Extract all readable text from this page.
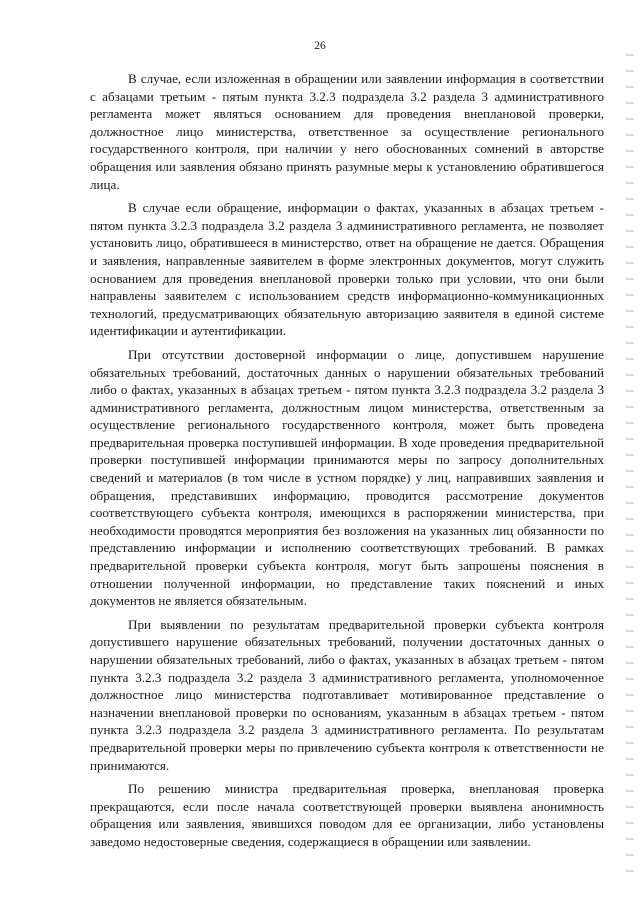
26

В случае, если изложенная в обращении или заявлении информация в соответствии с абзацами третьим - пятым пункта 3.2.3 подраздела 3.2 раздела 3 административного регламента может являться основанием для проведения внеплановой проверки, должностное лицо министерства, ответственное за осуществление регионального государственного контроля, при наличии у него обоснованных сомнений в авторстве обращения или заявления обязано принять разумные меры к установлению обратившегося лица.

В случае если обращение, информации о фактах, указанных в абзацах третьем - пятом пункта 3.2.3 подраздела 3.2 раздела 3 административного регламента, не позволяет установить лицо, обратившееся в министерство, ответ на обращение не дается. Обращения и заявления, направленные заявителем в форме электронных документов, могут служить основанием для проведения внеплановой проверки только при условии, что они были направлены заявителем с использованием средств информационно-коммуникационных технологий, предусматривающих обязательную авторизацию заявителя в единой системе идентификации и аутентификации.

При отсутствии достоверной информации о лице, допустившем нарушение обязательных требований, достаточных данных о нарушении обязательных требований либо о фактах, указанных в абзацах третьем - пятом пункта 3.2.3 подраздела 3.2 раздела 3 административного регламента, должностным лицом министерства, ответственным за осуществление регионального государственного контроля, может быть проведена предварительная проверка поступившей информации. В ходе проведения предварительной проверки поступившей информации принимаются меры по запросу дополнительных сведений и материалов (в том числе в устном порядке) у лиц, направивших заявления и обращения, представивших информацию, проводится рассмотрение документов соответствующего субъекта контроля, имеющихся в распоряжении министерства, при необходимости проводятся мероприятия без возложения на указанных лиц обязанности по представлению информации и исполнению соответствующих требований. В рамках предварительной проверки субъекта контроля, могут быть запрошены пояснения в отношении полученной информации, но представление таких пояснений и иных документов не является обязательным.

При выявлении по результатам предварительной проверки субъекта контроля допустившего нарушение обязательных требований, получении достаточных данных о нарушении обязательных требований, либо о фактах, указанных в абзацах третьем - пятом пункта 3.2.3 подраздела 3.2 раздела 3 административного регламента, уполномоченное должностное лицо министерства подготавливает мотивированное представление о назначении внеплановой проверки по основаниям, указанным в абзацах третьем - пятом пункта 3.2.3 подраздела 3.2 раздела 3 административного регламента. По результатам предварительной проверки меры по привлечению субъекта контроля к ответственности не принимаются.

По решению министра предварительная проверка, внеплановая проверка прекращаются, если после начала соответствующей проверки выявлена анонимность обращения или заявления, явившихся поводом для ее организации, либо установлены заведомо недостоверные сведения, содержащиеся в обращении или заявлении.
